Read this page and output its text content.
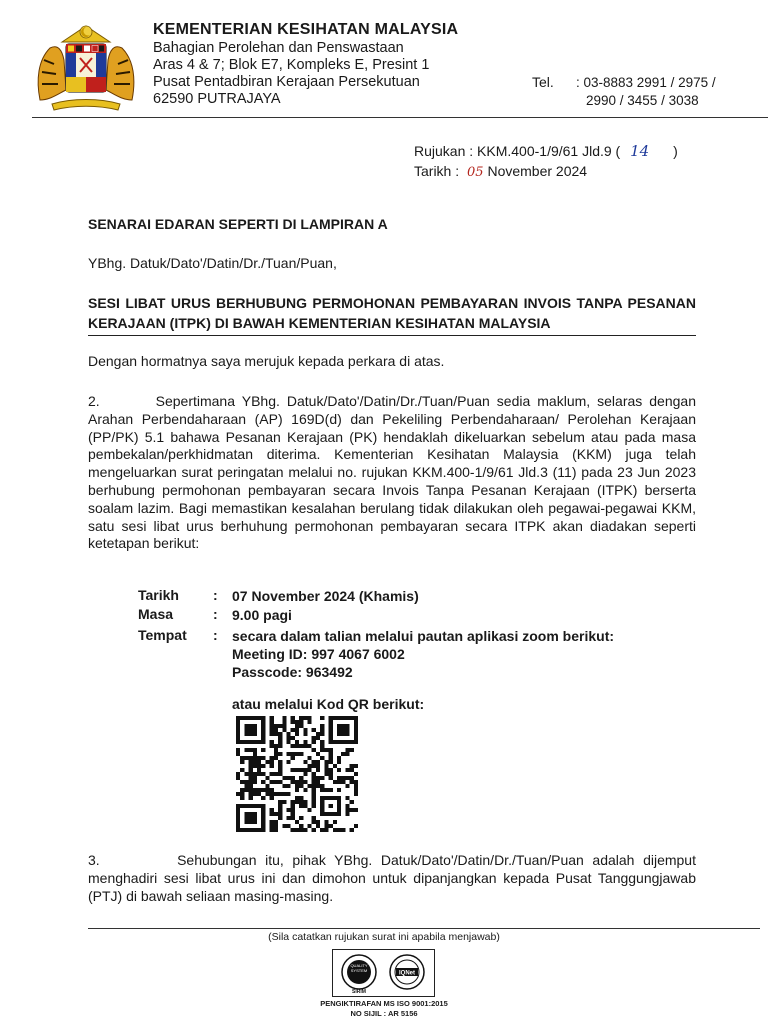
KEMENTERIAN KESIHATAN MALAYSIA
Bahagian Perolehan dan Penswastaan
Aras 4 & 7; Blok E7, Kompleks E, Presint 1
Pusat Pentadbiran Kerajaan Persekutuan
62590 PUTRAJAYA
Tel. : 03-8883 2991 / 2975 /
2990 / 3455 / 3038
Rujukan : KKM.400-1/9/61 Jld.9 ( 14 )
Tarikh : 05 November 2024
SENARAI EDARAN SEPERTI DI LAMPIRAN A
YBhg. Datuk/Dato'/Datin/Dr./Tuan/Puan,
SESI LIBAT URUS BERHUBUNG PERMOHONAN PEMBAYARAN INVOIS TANPA PESANAN KERAJAAN (ITPK) DI BAWAH KEMENTERIAN KESIHATAN MALAYSIA
Dengan hormatnya saya merujuk kepada perkara di atas.
2.        Sepertimana YBhg. Datuk/Dato'/Datin/Dr./Tuan/Puan sedia maklum, selaras dengan Arahan Perbendaharaan (AP) 169D(d) dan Pekeliling Perbendaharaan/ Perolehan Kerajaan (PP/PK) 5.1 bahawa Pesanan Kerajaan (PK) hendaklah dikeluarkan sebelum atau pada masa pembekalan/perkhidmatan diterima. Kementerian Kesihatan Malaysia (KKM) juga telah mengeluarkan surat peringatan melalui no. rujukan KKM.400-1/9/61 Jld.3 (11) pada 23 Jun 2023 berhubung permohonan pembayaran secara Invois Tanpa Pesanan Kerajaan (ITPK) berserta soalam lazim. Bagi memastikan kesalahan berulang tidak dilakukan oleh pegawai-pegawai KKM, satu sesi libat urus berhuhung permohonan pembayaran secara ITPK akan diadakan seperti ketetapan berikut:
Tarikh : 07 November 2024 (Khamis)
Masa	: 9.00 pagi
Tempat : secara dalam talian melalui pautan aplikasi zoom berikut:
Meeting ID: 997 4067 6002
Passcode: 963492
atau melalui Kod QR berikut:
3.         Sehubungan itu, pihak YBhg. Datuk/Dato'/Datin/Dr./Tuan/Puan adalah dijemput menghadiri sesi libat urus ini dan dimohon untuk dipanjangkan kepada Pusat Tanggungjawab (PTJ) di bawah seliaan masing-masing.
(Sila catatkan rujukan surat ini apabila menjawab)
QUALITY
SYSTEM
SIRIM
IQNet
PENGIKTIRAFAN MS ISO 9001:2015
NO SIJIL : AR 5156
